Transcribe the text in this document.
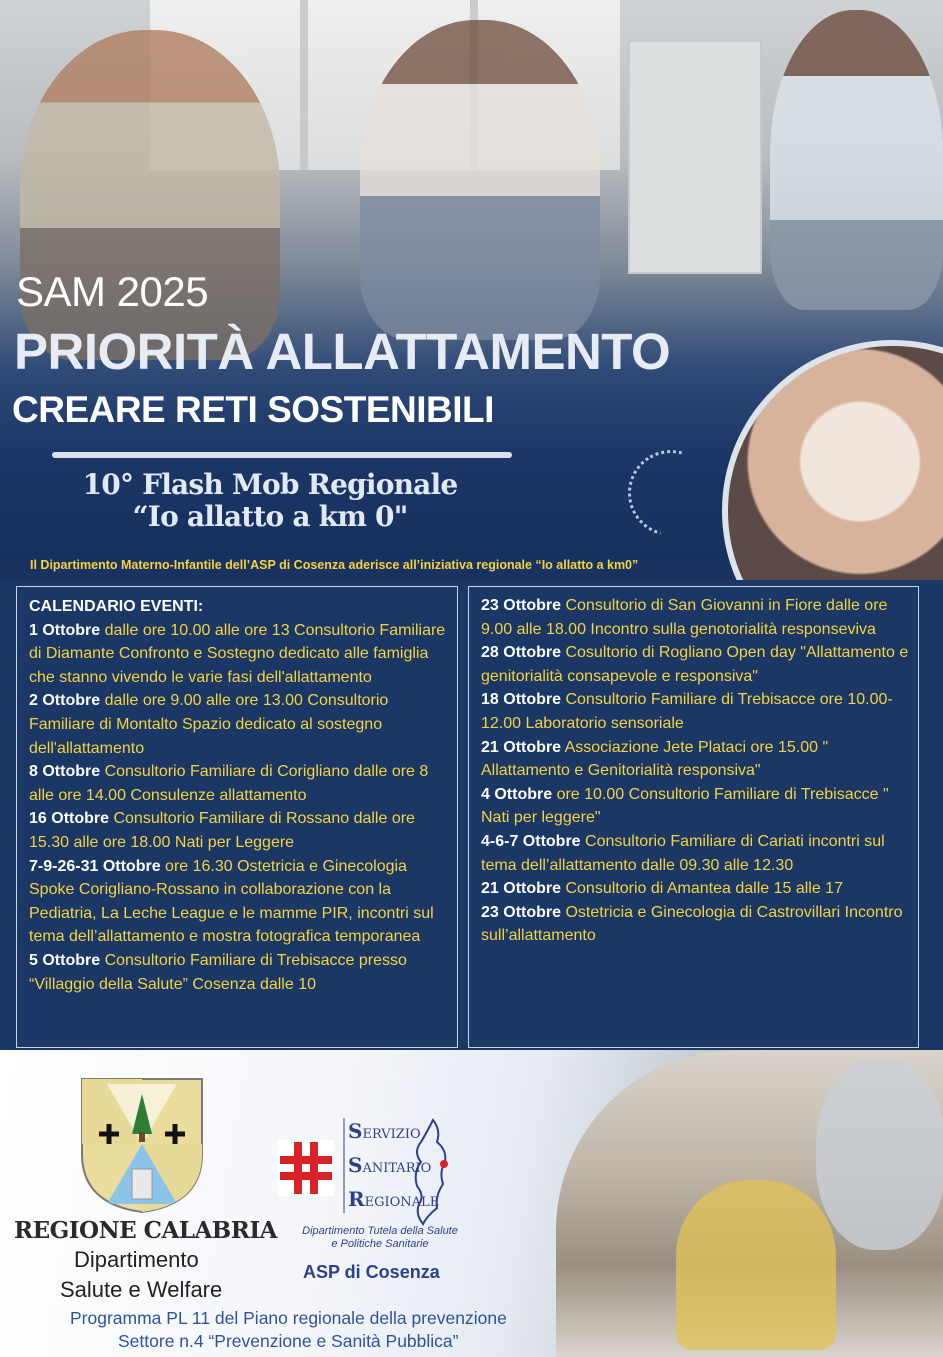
SAM 2025
PRIORITÀ ALLATTAMENTO
CREARE RETI SOSTENIBILI
10° Flash Mob Regionale
“Io allatto a km 0"
Il Dipartimento Materno-Infantile dell’ASP di Cosenza aderisce all’iniziativa regionale “Io allatto a km0”
CALENDARIO EVENTI:
1 Ottobre dalle ore 10.00 alle ore 13 Consultorio Familiare di Diamante Confronto e Sostegno dedicato alle famiglia che stanno vivendo le varie fasi dell'allattamento
2 Ottobre dalle ore 9.00 alle ore 13.00 Consultorio Familiare di Montalto Spazio dedicato al sostegno dell'allattamento
8 Ottobre Consultorio Familiare di Corigliano dalle ore 8 alle ore 14.00 Consulenze allattamento
16 Ottobre Consultorio Familiare di Rossano dalle ore 15.30 alle ore 18.00 Nati per Leggere
7-9-26-31 Ottobre ore 16.30 Ostetricia e Ginecologia Spoke Corigliano-Rossano in collaborazione con la Pediatria, La Leche League e le mamme PIR, incontri sul tema dell’allattamento e mostra fotografica temporanea
5 Ottobre Consultorio Familiare di Trebisacce presso “Villaggio della Salute” Cosenza dalle 10
23 Ottobre Consultorio di San Giovanni in Fiore dalle ore 9.00 alle 18.00 Incontro sulla genotorialità responseviva
28 Ottobre Cosultorio di Rogliano Open day "Allattamento e genitorialità consapevole e responsiva"
18 Ottobre Consultorio Familiare di Trebisacce ore 10.00-12.00 Laboratorio sensoriale
21 Ottobre Associazione Jete Plataci ore 15.00 " Allattamento e Genitorialità responsiva"
4 Ottobre ore 10.00 Consultorio Familiare di Trebisacce " Nati per leggere"
4-6-7 Ottobre Consultorio Familiare di Cariati incontri sul tema dell’allattamento dalle 09.30 alle 12.30
21 Ottobre Consultorio di Amantea dalle 15 alle 17
23 Ottobre Ostetricia e Ginecologia di Castrovillari Incontro sull’allattamento
REGIONE CALABRIA
Dipartimento
Salute e Welfare
SERVIZIO
SANITARIO
REGIONALE
Dipartimento Tutela della Salute
e Politiche Sanitarie
ASP di Cosenza
Programma PL 11 del Piano regionale della prevenzione
Settore n.4 “Prevenzione e Sanità Pubblica”
